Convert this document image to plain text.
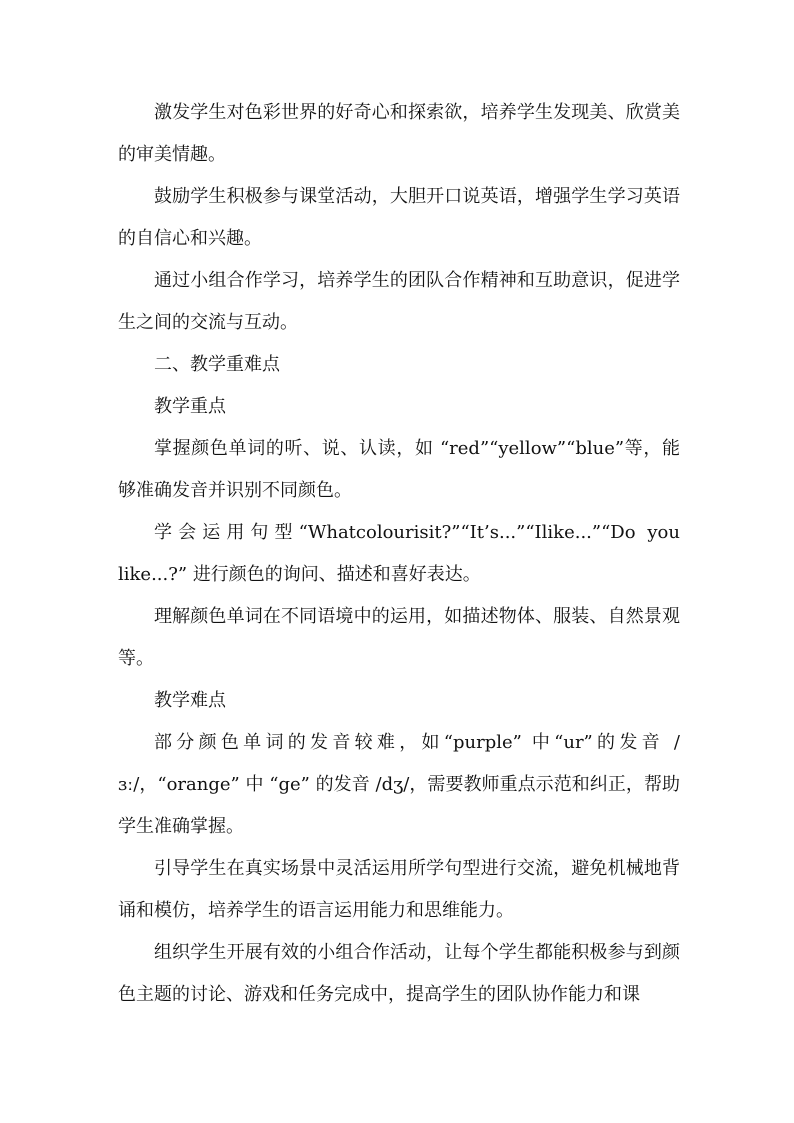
激发学生对色彩世界的好奇心和探索欲，培养学生发现美、欣赏美的审美情趣。

鼓励学生积极参与课堂活动，大胆开口说英语，增强学生学习英语的自信心和兴趣。

通过小组合作学习，培养学生的团队合作精神和互助意识，促进学生之间的交流与互动。

二、教学重难点

教学重点

掌握颜色单词的听、说、认读，如 “red”“yellow”“blue”等，能够准确发音并识别不同颜色。

学会运用句型“Whatcolourisit?”“It’s...”“Ilike...”“Do you like...?” 进行颜色的询问、描述和喜好表达。

理解颜色单词在不同语境中的运用，如描述物体、服装、自然景观等。

教学难点

部分颜色单词的发音较难，如“purple” 中“ur”的发音 /ɜː/，“orange” 中 “ge” 的发音 /dʒ/，需要教师重点示范和纠正，帮助学生准确掌握。

引导学生在真实场景中灵活运用所学句型进行交流，避免机械地背诵和模仿，培养学生的语言运用能力和思维能力。

组织学生开展有效的小组合作活动，让每个学生都能积极参与到颜色主题的讨论、游戏和任务完成中，提高学生的团队协作能力和课
